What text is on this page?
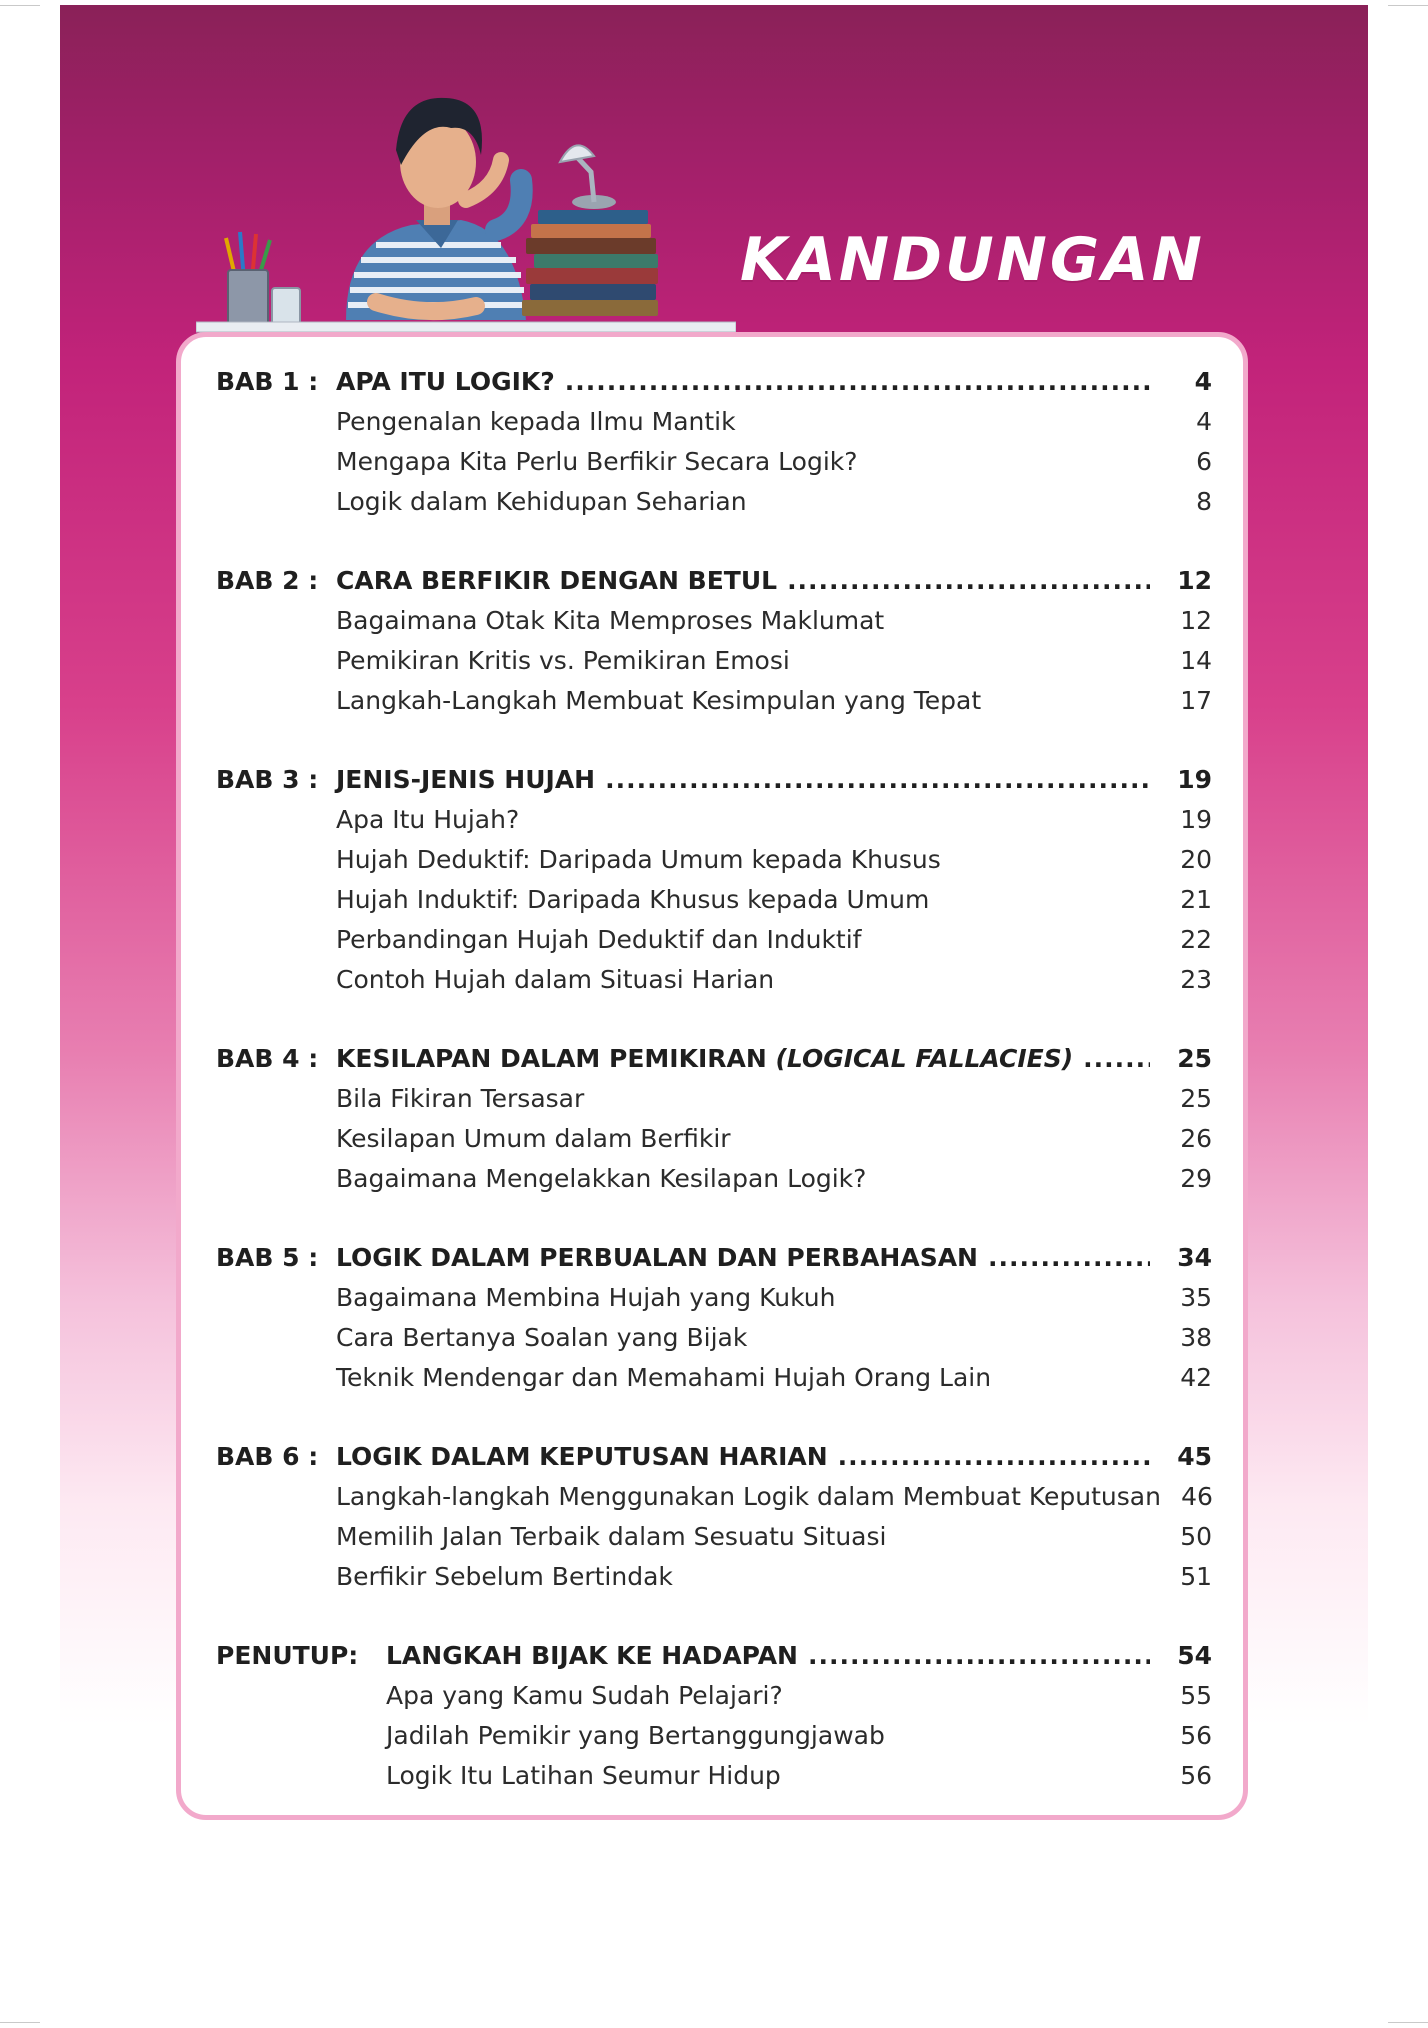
KANDUNGAN
BAB 1 : APA ITU LOGIK? .....	4
Pengenalan kepada Ilmu Mantik	4
Mengapa Kita Perlu Berfikir Secara Logik?	6
Logik dalam Kehidupan Seharian	8
BAB 2 : CARA BERFIKIR DENGAN BETUL .....	12
Bagaimana Otak Kita Memproses Maklumat	12
Pemikiran Kritis vs. Pemikiran Emosi	14
Langkah-Langkah Membuat Kesimpulan yang Tepat	17
BAB 3 : JENIS-JENIS HUJAH .....	19
Apa Itu Hujah?	19
Hujah Deduktif: Daripada Umum kepada Khusus	20
Hujah Induktif: Daripada Khusus kepada Umum	21
Perbandingan Hujah Deduktif dan Induktif	22
Contoh Hujah dalam Situasi Harian	23
BAB 4 : KESILAPAN DALAM PEMIKIRAN (LOGICAL FALLACIES) .....	25
Bila Fikiran Tersasar	25
Kesilapan Umum dalam Berfikir	26
Bagaimana Mengelakkan Kesilapan Logik?	29
BAB 5 : LOGIK DALAM PERBUALAN DAN PERBAHASAN .....	34
Bagaimana Membina Hujah yang Kukuh	35
Cara Bertanya Soalan yang Bijak	38
Teknik Mendengar dan Memahami Hujah Orang Lain	42
BAB 6 : LOGIK DALAM KEPUTUSAN HARIAN .....	45
Langkah-langkah Menggunakan Logik dalam Membuat Keputusan 46
Memilih Jalan Terbaik dalam Sesuatu Situasi	50
Berfikir Sebelum Bertindak	51
PENUTUP:	LANGKAH BIJAK KE HADAPAN .....	54
Apa yang Kamu Sudah Pelajari?	55
Jadilah Pemikir yang Bertanggungjawab	56
Logik Itu Latihan Seumur Hidup	56
